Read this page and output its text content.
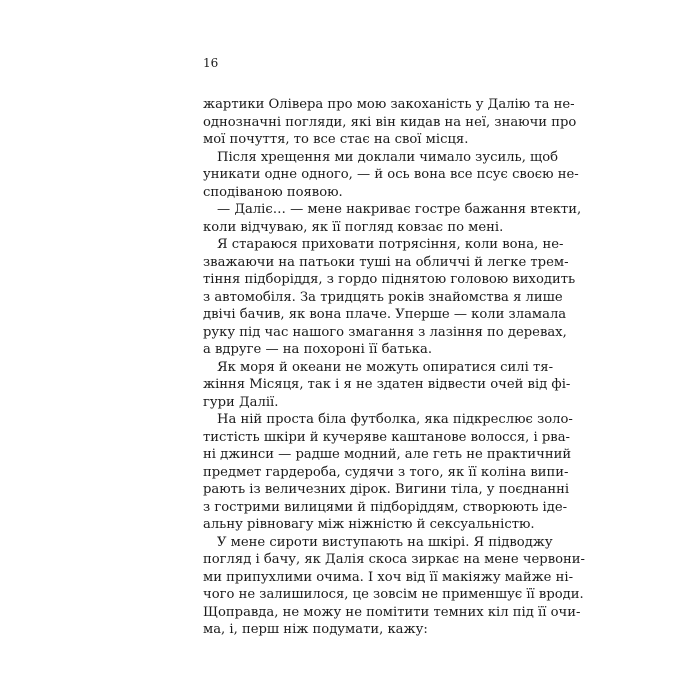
16
жартики Олівера про мою закоханість у Далію та не-
однозначні погляди, які він кидав на неї, знаючи про
мої почуття, то все стає на свої місця.
Після хрещення ми доклали чимало зусиль, щоб
уникати одне одного, — й ось вона все псує своєю не-
сподіваною появою.
— Даліє… — мене накриває гостре бажання втекти,
коли відчуваю, як її погляд ковзає по мені.
Я стараюся приховати потрясіння, коли вона, не-
зважаючи на патьоки туші на обличчі й легке трем-
тіння підборіддя, з гордо піднятою головою виходить
з автомобіля. За тридцять років знайомства я лише
двічі бачив, як вона плаче. Уперше — коли зламала
руку під час нашого змагання з лазіння по деревах,
а вдруге — на похороні її батька.
Як моря й океани не можуть опиратися силі тя-
жіння Місяця, так і я не здатен відвести очей від фі-
гури Далії.
На ній проста біла футболка, яка підкреслює золо-
тистість шкіри й кучеряве каштанове волосся, і рва-
ні джинси — радше модний, але геть не практичний
предмет гардероба, судячи з того, як її коліна випи-
рають із величезних дірок. Вигини тіла, у поєднанні
з гострими вилицями й підборіддям, створюють іде-
альну рівновагу між ніжністю й сексуальністю.
У мене сироти виступають на шкірі. Я підводжу
погляд і бачу, як Далія скоса зиркає на мене червони-
ми припухлими очима. І хоч від її макіяжу майже ні-
чого не залишилося, це зовсім не применшує її вроди.
Щоправда, не можу не помітити темних кіл під її очи-
ма, і, перш ніж подумати, кажу:
